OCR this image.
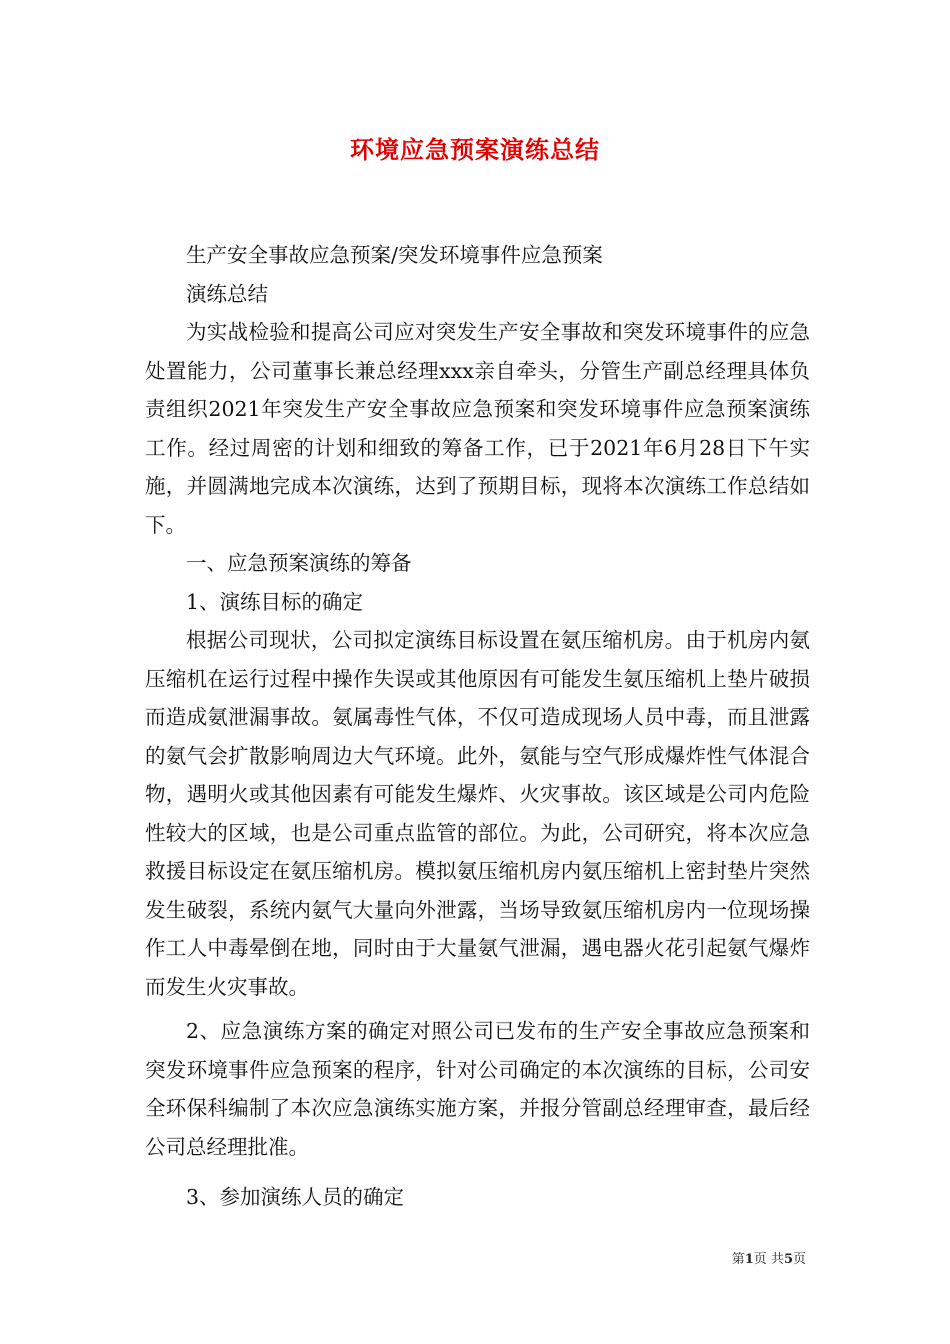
环境应急预案演练总结

生产安全事故应急预案/突发环境事件应急预案

演练总结

为实战检验和提高公司应对突发生产安全事故和突发环境事件的应急处置能力，公司董事长兼总经理xxx亲自牵头，分管生产副总经理具体负责组织2021年突发生产安全事故应急预案和突发环境事件应急预案演练工作。经过周密的计划和细致的筹备工作，已于2021年6月28日下午实施，并圆满地完成本次演练，达到了预期目标，现将本次演练工作总结如下。

一、应急预案演练的筹备

1、演练目标的确定

根据公司现状，公司拟定演练目标设置在氨压缩机房。由于机房内氨压缩机在运行过程中操作失误或其他原因有可能发生氨压缩机上垫片破损而造成氨泄漏事故。氨属毒性气体，不仅可造成现场人员中毒，而且泄露的氨气会扩散影响周边大气环境。此外，氨能与空气形成爆炸性气体混合物，遇明火或其他因素有可能发生爆炸、火灾事故。该区域是公司内危险性较大的区域，也是公司重点监管的部位。为此，公司研究，将本次应急救援目标设定在氨压缩机房。模拟氨压缩机房内氨压缩机上密封垫片突然发生破裂，系统内氨气大量向外泄露，当场导致氨压缩机房内一位现场操作工人中毒晕倒在地，同时由于大量氨气泄漏，遇电器火花引起氨气爆炸而发生火灾事故。

2、应急演练方案的确定对照公司已发布的生产安全事故应急预案和突发环境事件应急预案的程序，针对公司确定的本次演练的目标，公司安全环保科编制了本次应急演练实施方案，并报分管副总经理审查，最后经公司总经理批准。

3、参加演练人员的确定

第1页 共5页
